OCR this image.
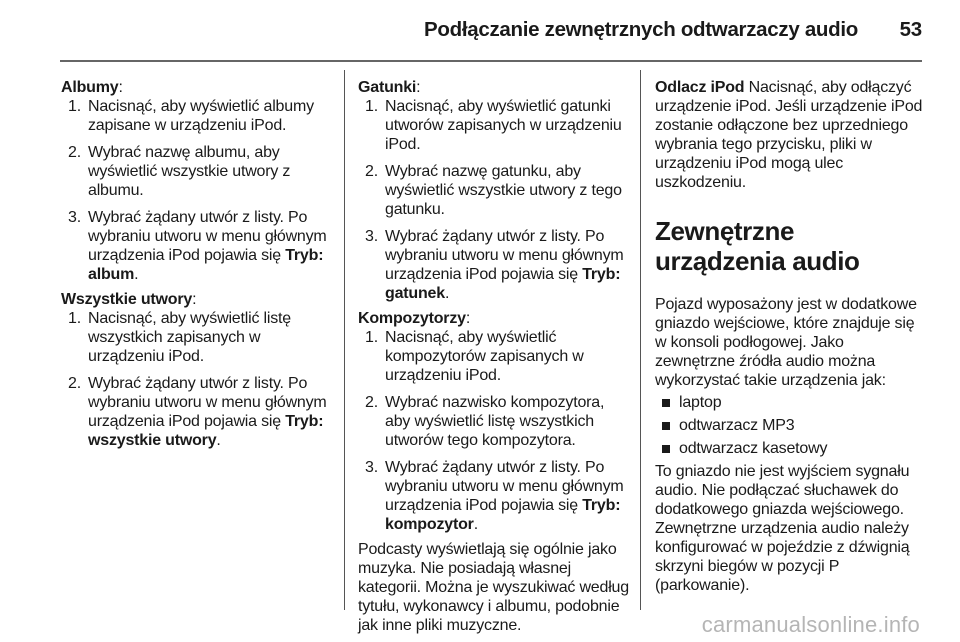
Podłączanie zewnętrznych odtwarzaczy audio 53
Albumy:
1. Nacisnąć, aby wyświetlić albumy zapisane w urządzeniu iPod.
2. Wybrać nazwę albumu, aby wyświetlić wszystkie utwory z albumu.
3. Wybrać żądany utwór z listy. Po wybraniu utworu w menu głównym urządzenia iPod pojawia się Tryb: album.
Wszystkie utwory:
1. Nacisnąć, aby wyświetlić listę wszystkich zapisanych w urządzeniu iPod.
2. Wybrać żądany utwór z listy. Po wybraniu utworu w menu głównym urządzenia iPod pojawia się Tryb: wszystkie utwory.
Gatunki:
1. Nacisnąć, aby wyświetlić gatunki utworów zapisanych w urządzeniu iPod.
2. Wybrać nazwę gatunku, aby wyświetlić wszystkie utwory z tego gatunku.
3. Wybrać żądany utwór z listy. Po wybraniu utworu w menu głównym urządzenia iPod pojawia się Tryb: gatunek.
Kompozytorzy:
1. Nacisnąć, aby wyświetlić kompozytorów zapisanych w urządzeniu iPod.
2. Wybrać nazwisko kompozytora, aby wyświetlić listę wszystkich utworów tego kompozytora.
3. Wybrać żądany utwór z listy. Po wybraniu utworu w menu głównym urządzenia iPod pojawia się Tryb: kompozytor.
Podcasty wyświetlają się ogólnie jako muzyka. Nie posiadają własnej kategorii. Można je wyszukiwać według tytułu, wykonawcy i albumu, podobnie jak inne pliki muzyczne.
Odlacz iPod Nacisnąć, aby odłączyć urządzenie iPod. Jeśli urządzenie iPod zostanie odłączone bez uprzedniego wybrania tego przycisku, pliki w urządzeniu iPod mogą ulec uszkodzeniu.
Zewnętrzne urządzenia audio
Pojazd wyposażony jest w dodatkowe gniazdo wejściowe, które znajduje się w konsoli podłogowej. Jako zewnętrzne źródła audio można wykorzystać takie urządzenia jak:
laptop
odtwarzacz MP3
odtwarzacz kasetowy
To gniazdo nie jest wyjściem sygnału audio. Nie podłączać słuchawek do dodatkowego gniazda wejściowego. Zewnętrzne urządzenia audio należy konfigurować w pojeździe z dźwignią skrzyni biegów w pozycji P (parkowanie).
carmanualsonline.info
